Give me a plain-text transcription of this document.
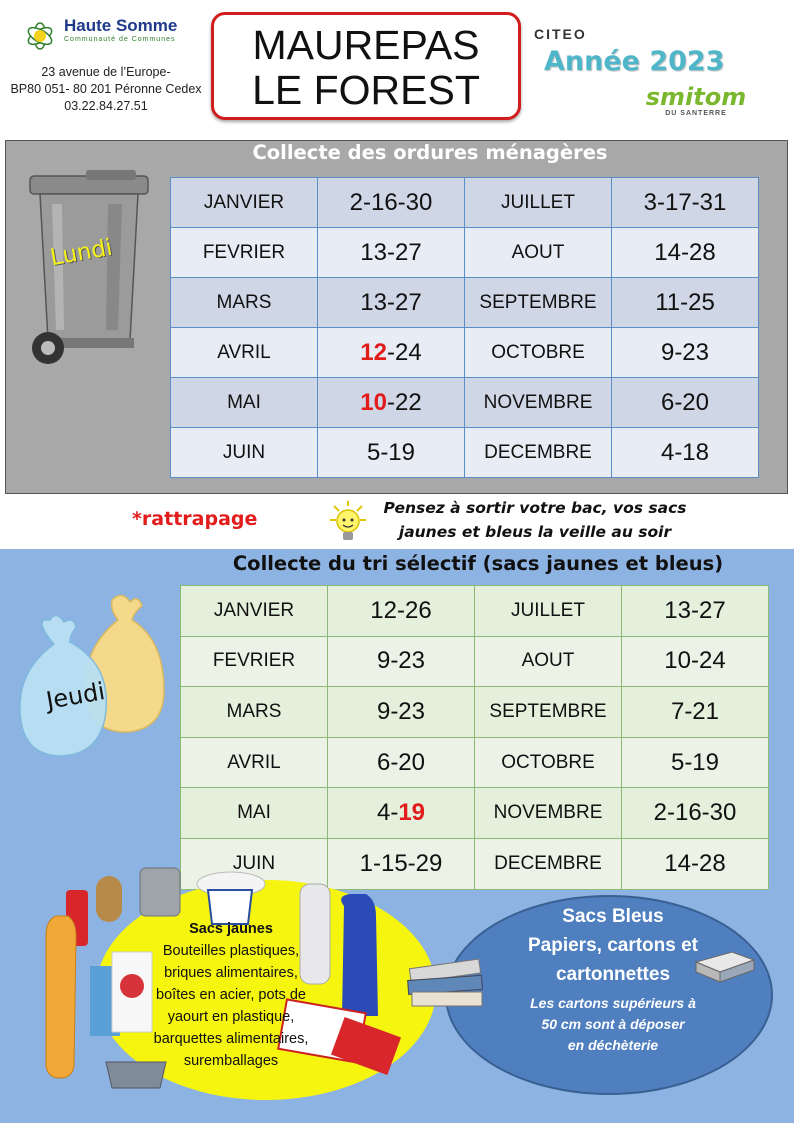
Haute Somme
Communauté de Communes
23 avenue de l’Europe-
BP80 051- 80 201 Péronne Cedex
03.22.84.27.51
MAUREPAS
LE FOREST
CITEO
Année 2023
smitom
DU SANTERRE
Collecte des ordures ménagères
Lundi
JANVIER	2-16-30	JUILLET	3-17-31
FEVRIER	13-27	AOUT	14-28
MARS	13-27	SEPTEMBRE	11-25
AVRIL	12-24	OCTOBRE	9-23
MAI	10-22	NOVEMBRE	6-20
JUIN	5-19	DECEMBRE	4-18
*rattrapage	Pensez à sortir votre bac, vos sacs
jaunes et bleus la veille au soir
Collecte du tri sélectif (sacs jaunes et bleus)
Jeudi
JANVIER	12-26	JUILLET	13-27
FEVRIER	9-23	AOUT	10-24
MARS	9-23	SEPTEMBRE	7-21
AVRIL	6-20	OCTOBRE	5-19
MAI	4-19	NOVEMBRE	2-16-30
JUIN	1-15-29	DECEMBRE	14-28
Sacs jaunes
Bouteilles plastiques,
briques alimentaires,
boîtes en acier, pots de
yaourt en plastique,
barquettes alimentaires,
suremballages
Sacs Bleus
Papiers, cartons et
cartonnettes
Les cartons supérieurs à
50 cm sont à déposer
en déchèterie
